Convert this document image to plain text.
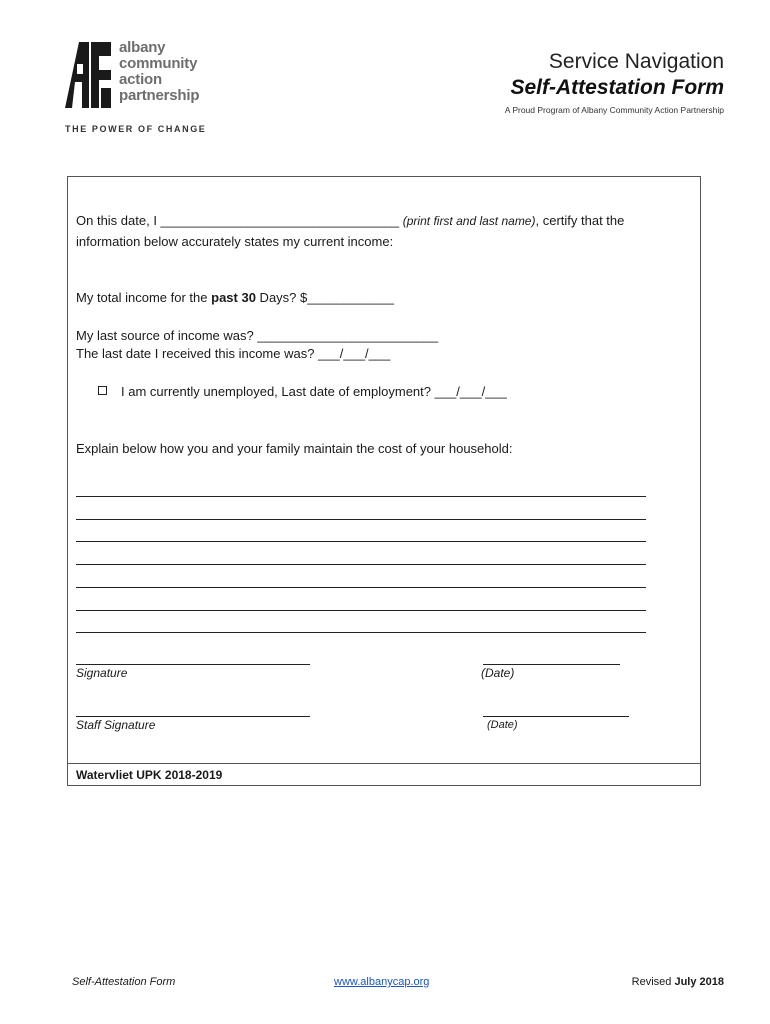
albany
community
action
partnership
THE POWER OF CHANGE
Service Navigation
Self-Attestation Form
A Proud Program of Albany Community Action Partnership
On this date, I _________________________________ (print first and last name), certify that the
information below accurately states my current income:
My total income for the past 30 Days? $____________
My last source of income was? _________________________
The last date I received this income was? ___/___/___
I am currently unemployed, Last date of employment? ___/___/___
Explain below how you and your family maintain the cost of your household:
Signature	(Date)
Staff Signature	(Date)
Watervliet UPK 2018-2019
Self-Attestation Form	www.albanycap.org	Revised July 2018
